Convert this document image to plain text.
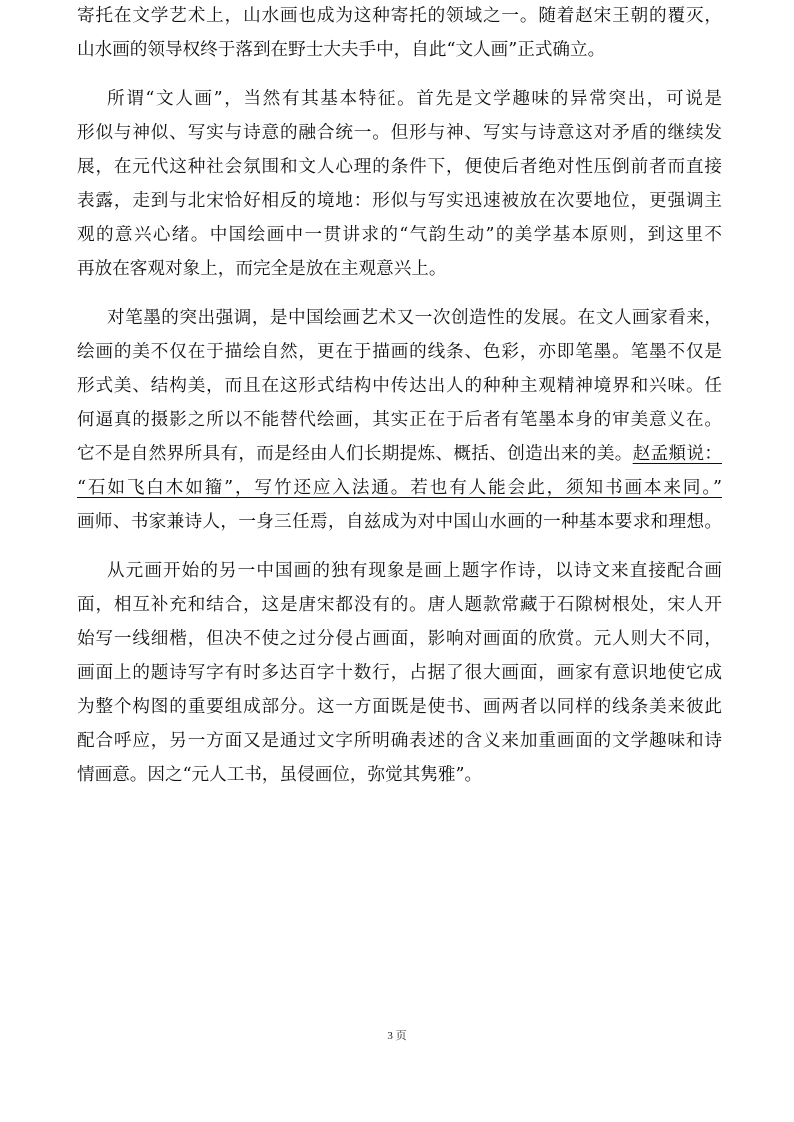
寄托在文学艺术上，山水画也成为这种寄托的领域之一。随着赵宋王朝的覆灭，
山水画的领导权终于落到在野士大夫手中，自此“文人画”正式确立。
所谓“文人画”，当然有其基本特征。首先是文学趣味的异常突出，可说是
形似与神似、写实与诗意的融合统一。但形与神、写实与诗意这对矛盾的继续发
展，在元代这种社会氛围和文人心理的条件下，便使后者绝对性压倒前者而直接
表露，走到与北宋恰好相反的境地：形似与写实迅速被放在次要地位，更强调主
观的意兴心绪。中国绘画中一贯讲求的“气韵生动”的美学基本原则，到这里不
再放在客观对象上，而完全是放在主观意兴上。
对笔墨的突出强调，是中国绘画艺术又一次创造性的发展。在文人画家看来，
绘画的美不仅在于描绘自然，更在于描画的线条、色彩，亦即笔墨。笔墨不仅是
形式美、结构美，而且在这形式结构中传达出人的种种主观精神境界和兴味。任
何逼真的摄影之所以不能替代绘画，其实正在于后者有笔墨本身的审美意义在。
它不是自然界所具有，而是经由人们长期提炼、概括、创造出来的美。赵孟頫说：
“石如飞白木如籀”，写竹还应入法通。若也有人能会此，须知书画本来同。”
画师、书家兼诗人，一身三任焉，自兹成为对中国山水画的一种基本要求和理想。
从元画开始的另一中国画的独有现象是画上题字作诗，以诗文来直接配合画
面，相互补充和结合，这是唐宋都没有的。唐人题款常藏于石隙树根处，宋人开
始写一线细楷，但决不使之过分侵占画面，影响对画面的欣赏。元人则大不同，
画面上的题诗写字有时多达百字十数行，占据了很大画面，画家有意识地使它成
为整个构图的重要组成部分。这一方面既是使书、画两者以同样的线条美来彼此
配合呼应，另一方面又是通过文字所明确表述的含义来加重画面的文学趣味和诗
情画意。因之“元人工书，虽侵画位，弥觉其隽雅”。
3 页
